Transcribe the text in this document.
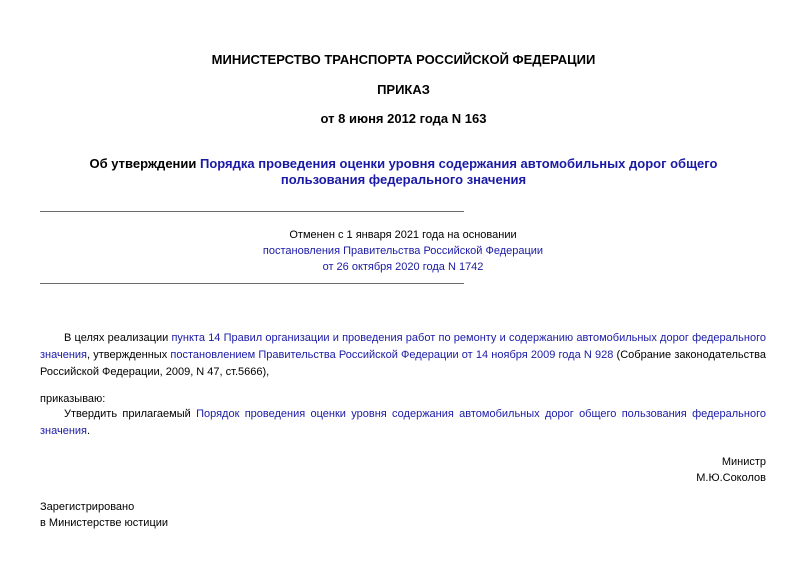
МИНИСТЕРСТВО ТРАНСПОРТА РОССИЙСКОЙ ФЕДЕРАЦИИ
ПРИКАЗ
от 8 июня 2012 года N 163
Об утверждении Порядка проведения оценки уровня содержания автомобильных дорог общего пользования федерального значения
Отменен с 1 января 2021 года на основании
постановления Правительства Российской Федерации
от 26 октября 2020 года N 1742
В целях реализации пункта 14 Правил организации и проведения работ по ремонту и содержанию автомобильных дорог федерального значения, утвержденных постановлением Правительства Российской Федерации от 14 ноября 2009 года N 928 (Собрание законодательства Российской Федерации, 2009, N 47, ст.5666),
приказываю:
Утвердить прилагаемый Порядок проведения оценки уровня содержания автомобильных дорог общего пользования федерального значения.
Министр
М.Ю.Соколов
Зарегистрировано
в Министерстве юстиции
